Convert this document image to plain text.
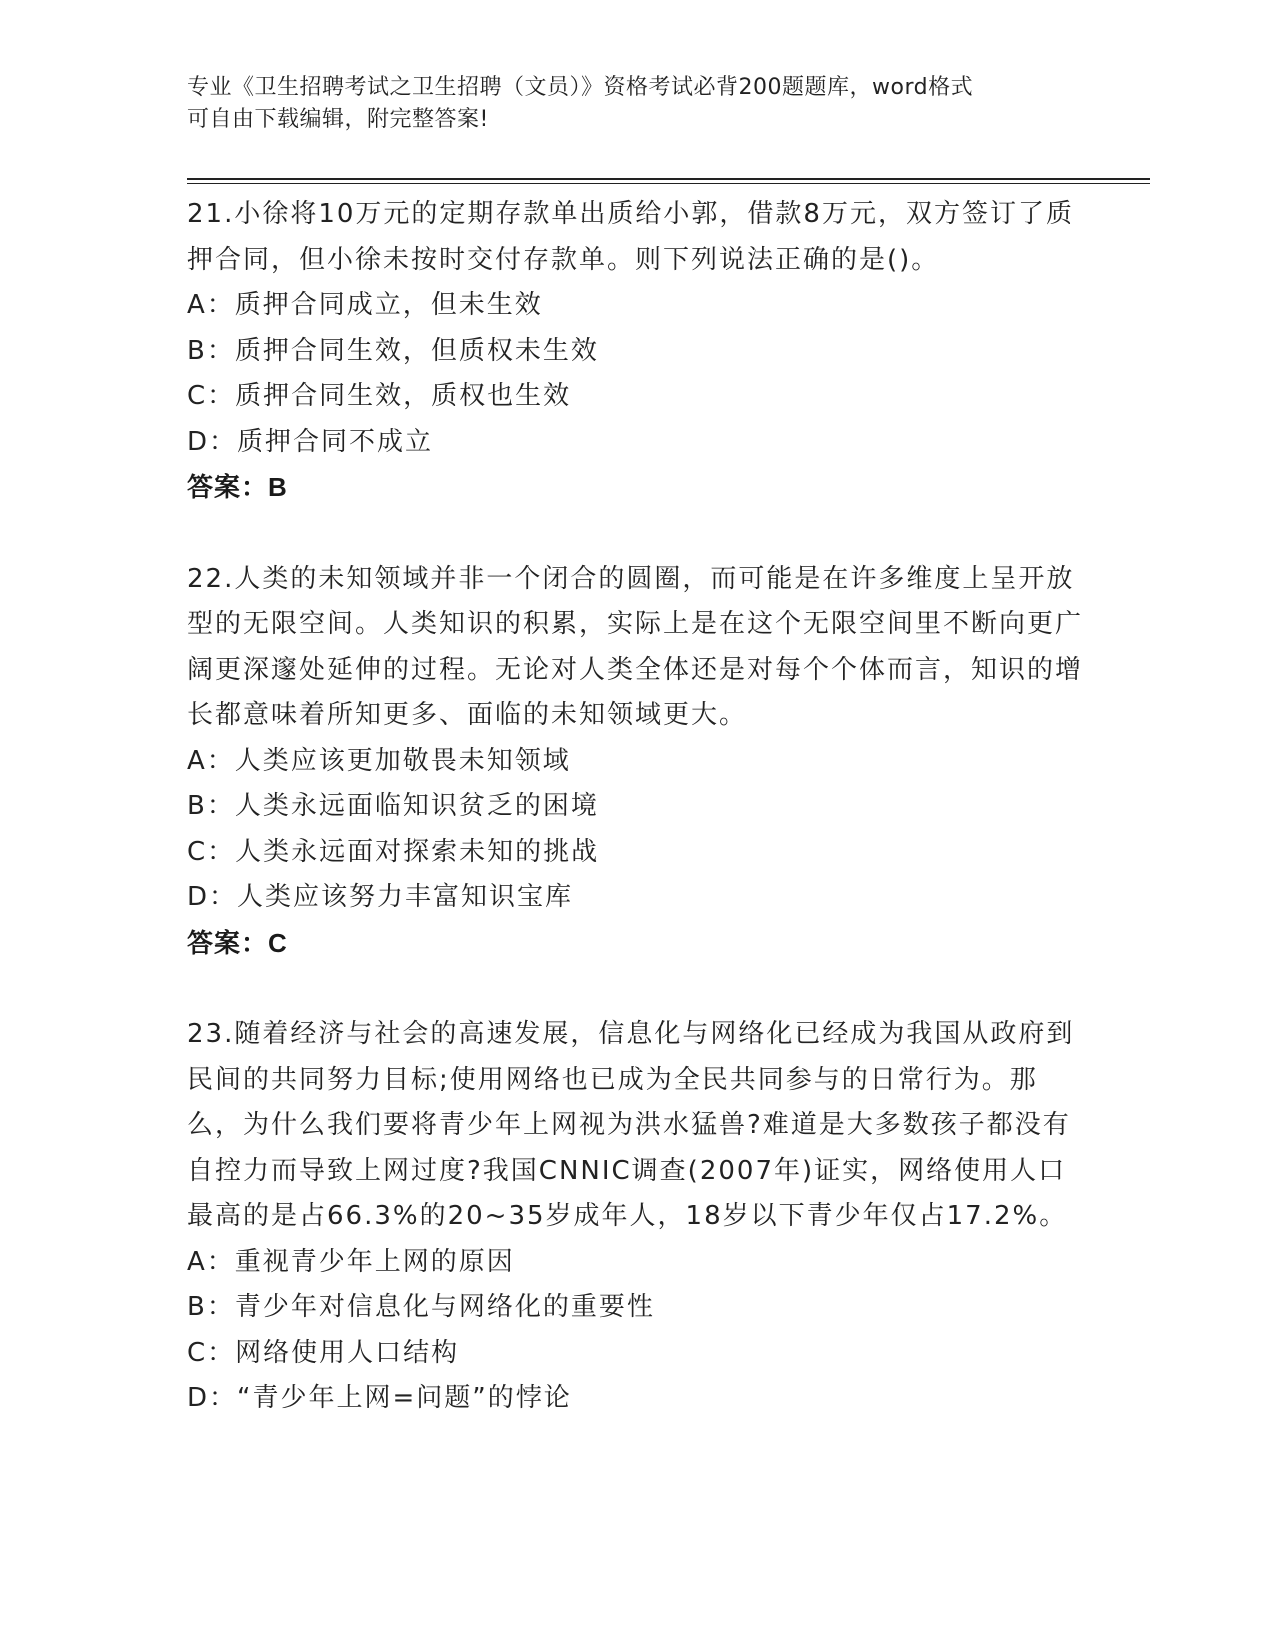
专业《卫生招聘考试之卫生招聘（文员）》资格考试必背200题题库，word格式
可自由下载编辑，附完整答案!
21.小徐将10万元的定期存款单出质给小郭，借款8万元，双方签订了质押合同，但小徐未按时交付存款单。则下列说法正确的是()。
A：质押合同成立，但未生效
B：质押合同生效，但质权未生效
C：质押合同生效，质权也生效
D：质押合同不成立
答案：B
22.人类的未知领域并非一个闭合的圆圈，而可能是在许多维度上呈开放型的无限空间。人类知识的积累，实际上是在这个无限空间里不断向更广阔更深邃处延伸的过程。无论对人类全体还是对每个个体而言，知识的增长都意味着所知更多、面临的未知领域更大。
A：人类应该更加敬畏未知领域
B：人类永远面临知识贫乏的困境
C：人类永远面对探索未知的挑战
D：人类应该努力丰富知识宝库
答案：C
23.随着经济与社会的高速发展，信息化与网络化已经成为我国从政府到民间的共同努力目标;使用网络也已成为全民共同参与的日常行为。那么，为什么我们要将青少年上网视为洪水猛兽?难道是大多数孩子都没有自控力而导致上网过度?我国CNNIC调查(2007年)证实，网络使用人口最高的是占66.3%的20~35岁成年人，18岁以下青少年仅占17.2%。
A：重视青少年上网的原因
B：青少年对信息化与网络化的重要性
C：网络使用人口结构
D：“青少年上网=问题”的悖论
